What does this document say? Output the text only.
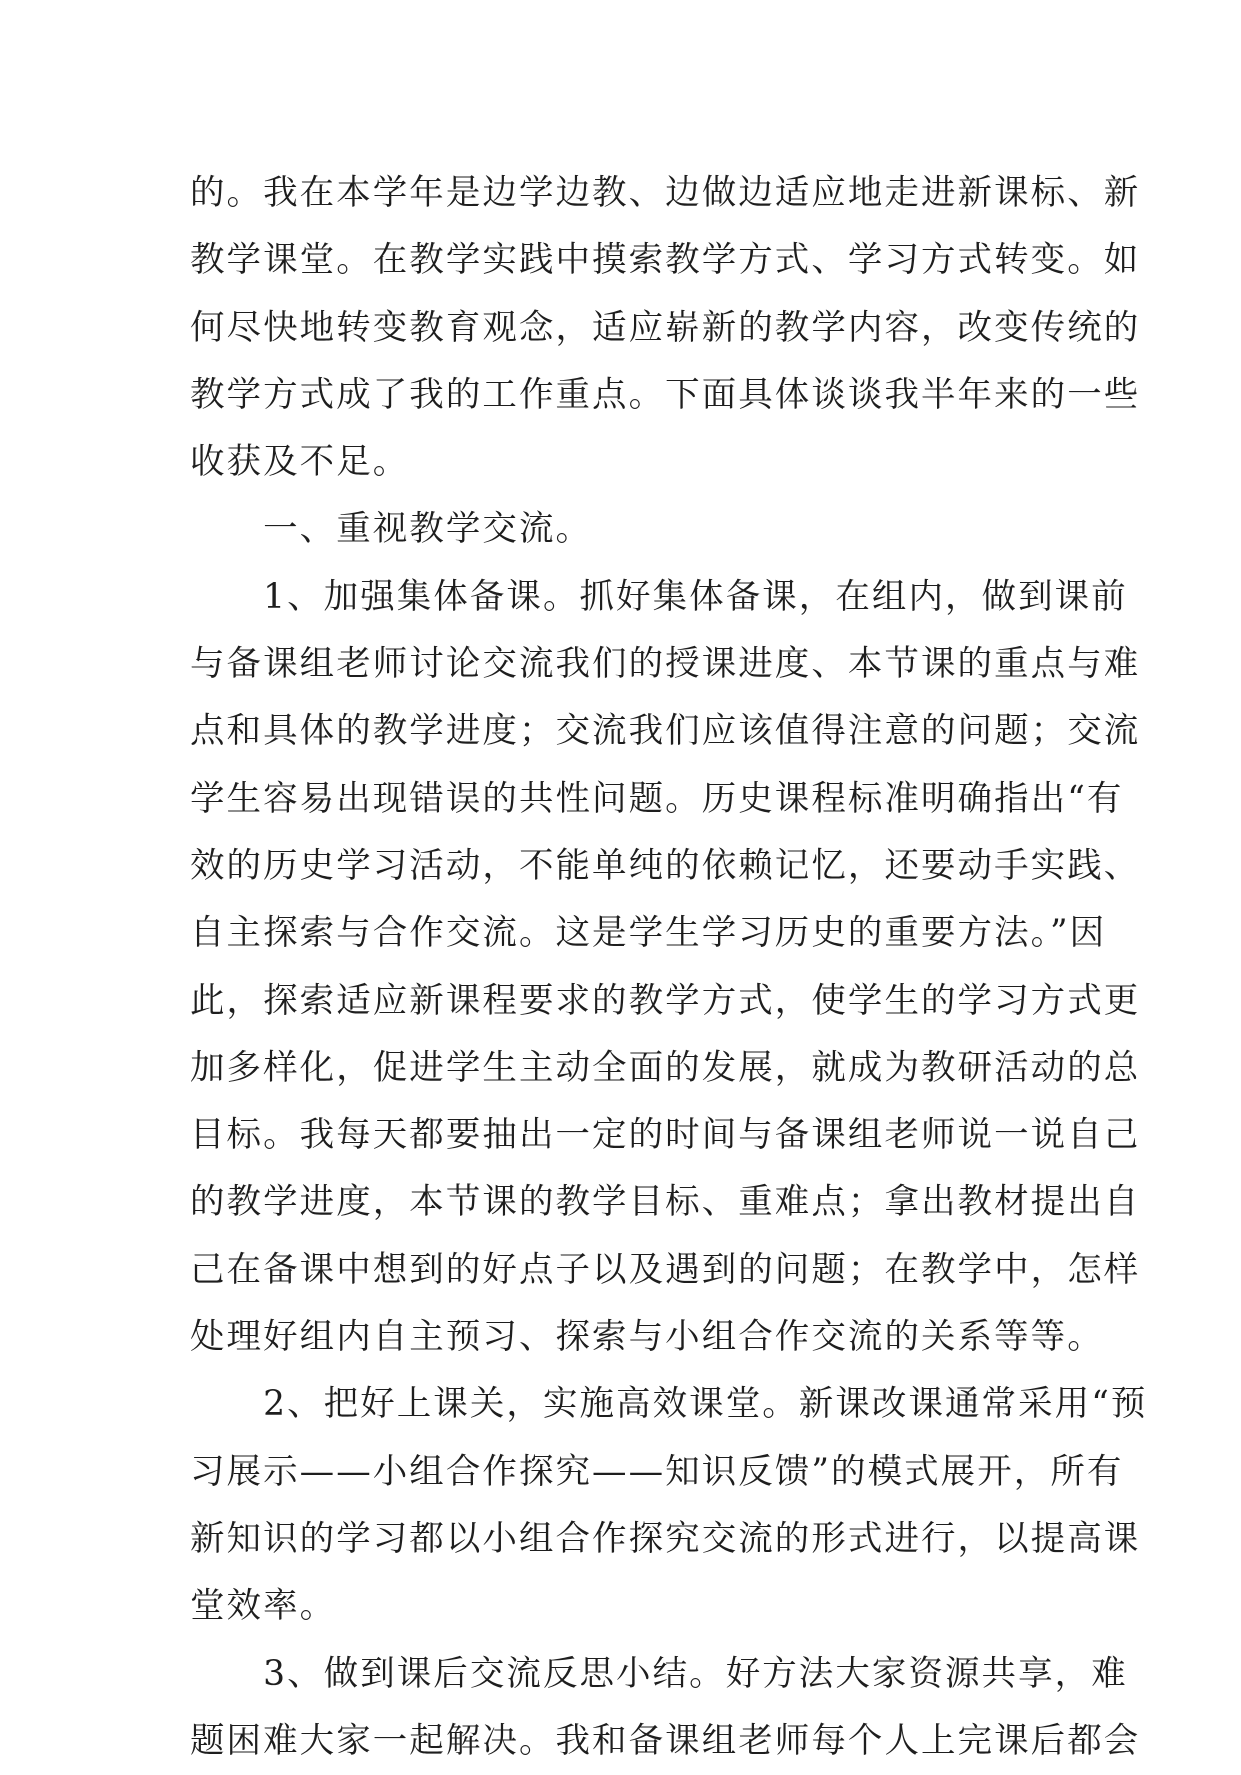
的。我在本学年是边学边教、边做边适应地走进新课标、新
教学课堂。在教学实践中摸索教学方式、学习方式转变。如
何尽快地转变教育观念，适应崭新的教学内容，改变传统的
教学方式成了我的工作重点。下面具体谈谈我半年来的一些
收获及不足。
　　一、重视教学交流。
　　1、加强集体备课。抓好集体备课，在组内，做到课前
与备课组老师讨论交流我们的授课进度、本节课的重点与难
点和具体的教学进度；交流我们应该值得注意的问题；交流
学生容易出现错误的共性问题。历史课程标准明确指出“有
效的历史学习活动，不能单纯的依赖记忆，还要动手实践、
自主探索与合作交流。这是学生学习历史的重要方法。”因
此，探索适应新课程要求的教学方式，使学生的学习方式更
加多样化，促进学生主动全面的发展，就成为教研活动的总
目标。我每天都要抽出一定的时间与备课组老师说一说自己
的教学进度，本节课的教学目标、重难点；拿出教材提出自
己在备课中想到的好点子以及遇到的问题；在教学中，怎样
处理好组内自主预习、探索与小组合作交流的关系等等。
　　2、把好上课关，实施高效课堂。新课改课通常采用“预
习展示——小组合作探究——知识反馈”的模式展开，所有
新知识的学习都以小组合作探究交流的形式进行，以提高课
堂效率。
　　3、做到课后交流反思小结。好方法大家资源共享，难
题困难大家一起解决。我和备课组老师每个人上完课后都会
